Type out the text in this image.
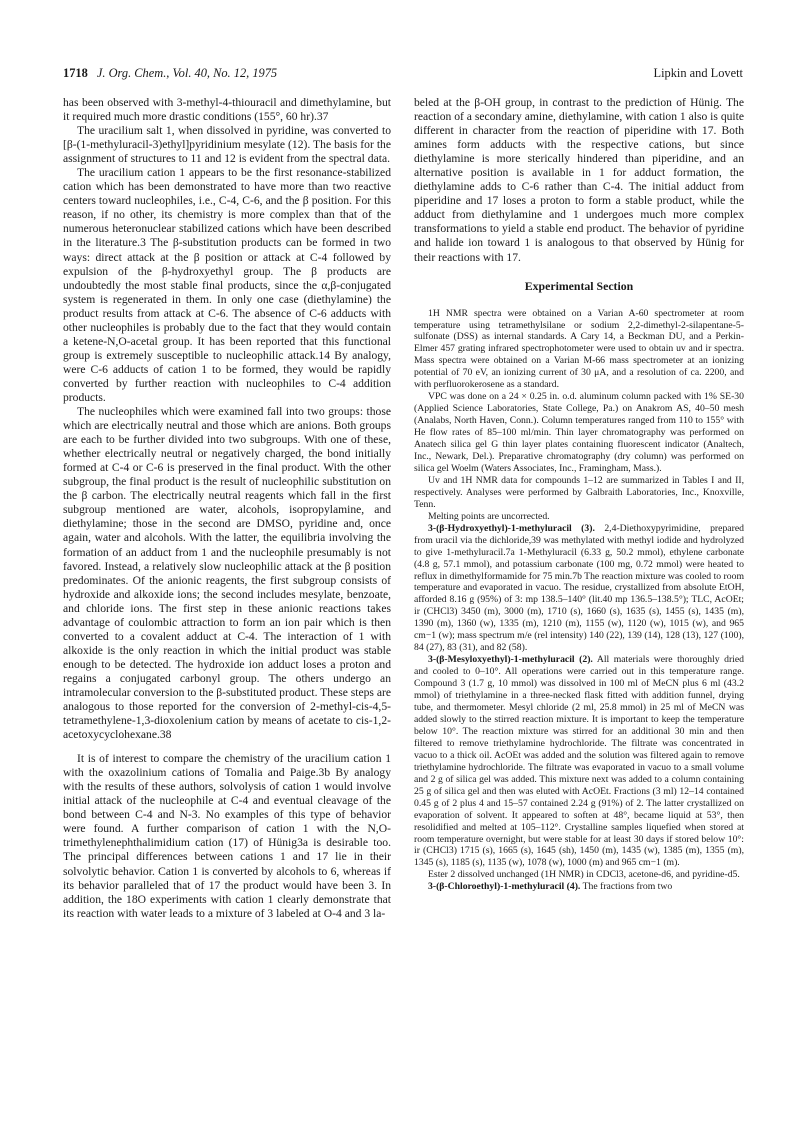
1718 J. Org. Chem., Vol. 40, No. 12, 1975	Lipkin and Lovett

has been observed with 3-methyl-4-thiouracil and dimethylamine, but it required much more drastic conditions (155°, 60 hr).37

The uracilium salt 1, when dissolved in pyridine, was converted to [β-(1-methyluracil-3)ethyl]pyridinium mesylate (12). The basis for the assignment of structures to 11 and 12 is evident from the spectral data.

The uracilium cation 1 appears to be the first resonance-stabilized cation which has been demonstrated to have more than two reactive centers toward nucleophiles, i.e., C-4, C-6, and the β position. For this reason, if no other, its chemistry is more complex than that of the numerous heteronuclear stabilized cations which have been described in the literature.3 The β-substitution products can be formed in two ways: direct attack at the β position or attack at C-4 followed by expulsion of the β-hydroxyethyl group. The β products are undoubtedly the most stable final products, since the α,β-conjugated system is regenerated in them. In only one case (diethylamine) the product results from attack at C-6. The absence of C-6 adducts with other nucleophiles is probably due to the fact that they would contain a ketene-N,O-acetal group. It has been reported that this functional group is extremely susceptible to nucleophilic attack.14 By analogy, were C-6 adducts of cation 1 to be formed, they would be rapidly converted by further reaction with nucleophiles to C-4 addition products.

The nucleophiles which were examined fall into two groups: those which are electrically neutral and those which are anions. Both groups are each to be further divided into two subgroups. With one of these, whether electrically neutral or negatively charged, the bond initially formed at C-4 or C-6 is preserved in the final product. With the other subgroup, the final product is the result of nucleophilic substitution on the β carbon. The electrically neutral reagents which fall in the first subgroup mentioned are water, alcohols, isopropylamine, and diethylamine; those in the second are DMSO, pyridine and, once again, water and alcohols. With the latter, the equilibria involving the formation of an adduct from 1 and the nucleophile presumably is not favored. Instead, a relatively slow nucleophilic attack at the β position predominates. Of the anionic reagents, the first subgroup consists of hydroxide and alkoxide ions; the second includes mesylate, benzoate, and chloride ions. The first step in these anionic reactions takes advantage of coulombic attraction to form an ion pair which is then converted to a covalent adduct at C-4. The interaction of 1 with alkoxide is the only reaction in which the initial product was stable enough to be detected. The hydroxide ion adduct loses a proton and regains a conjugated carbonyl group. The others undergo an intramolecular conversion to the β-substituted product. These steps are analogous to those reported for the conversion of 2-methyl-cis-4,5-tetramethylene-1,3-dioxolenium cation by means of acetate to cis-1,2-acetoxycyclohexane.38

It is of interest to compare the chemistry of the uracilium cation 1 with the oxazolinium cations of Tomalia and Paige.3b By analogy with the results of these authors, solvolysis of cation 1 would involve initial attack of the nucleophile at C-4 and eventual cleavage of the bond between C-4 and N-3. No examples of this type of behavior were found. A further comparison of cation 1 with the N,O-trimethylenephthalimidium cation (17) of Hünig3a is desirable too. The principal differences between cations 1 and 17 lie in their solvolytic behavior. Cation 1 is converted by alcohols to 6, whereas if its behavior paralleled that of 17 the product would have been 3. In addition, the 18O experiments with cation 1 clearly demonstrate that its reaction with water leads to a mixture of 3 labeled at O-4 and 3 la-

beled at the β-OH group, in contrast to the prediction of Hünig. The reaction of a secondary amine, diethylamine, with cation 1 also is quite different in character from the reaction of piperidine with 17. Both amines form adducts with the respective cations, but since diethylamine is more sterically hindered than piperidine, and an alternative position is available in 1 for adduct formation, the diethylamine adds to C-6 rather than C-4. The initial adduct from piperidine and 17 loses a proton to form a stable product, while the adduct from diethylamine and 1 undergoes much more complex transformations to yield a stable end product. The behavior of pyridine and halide ion toward 1 is analogous to that observed by Hünig for their reactions with 17.

Experimental Section

1H NMR spectra were obtained on a Varian A-60 spectrometer at room temperature using tetramethylsilane or sodium 2,2-dimethyl-2-silapentane-5-sulfonate (DSS) as internal standards. A Cary 14, a Beckman DU, and a Perkin-Elmer 457 grating infrared spectrophotometer were used to obtain uv and ir spectra. Mass spectra were obtained on a Varian M-66 mass spectrometer at an ionizing potential of 70 eV, an ionizing current of 30 μA, and a resolution of ca. 2200, and with perfluorokerosene as a standard.

VPC was done on a 24 × 0.25 in. o.d. aluminum column packed with 1% SE-30 (Applied Science Laboratories, State College, Pa.) on Anakrom AS, 40–50 mesh (Analabs, North Haven, Conn.). Column temperatures ranged from 110 to 155° with He flow rates of 85–100 ml/min. Thin layer chromatography was performed on Anatech silica gel G thin layer plates containing fluorescent indicator (Analtech, Inc., Newark, Del.). Preparative chromatography (dry column) was performed on silica gel Woelm (Waters Associates, Inc., Framingham, Mass.).

Uv and 1H NMR data for compounds 1–12 are summarized in Tables I and II, respectively. Analyses were performed by Galbraith Laboratories, Inc., Knoxville, Tenn.

Melting points are uncorrected.

3-(β-Hydroxyethyl)-1-methyluracil (3). 2,4-Diethoxypyrimidine, prepared from uracil via the dichloride,39 was methylated with methyl iodide and hydrolyzed to give 1-methyluracil.7a 1-Methyluracil (6.33 g, 50.2 mmol), ethylene carbonate (4.8 g, 57.1 mmol), and potassium carbonate (100 mg, 0.72 mmol) were heated to reflux in dimethylformamide for 75 min.7b The reaction mixture was cooled to room temperature and evaporated in vacuo. The residue, crystallized from absolute EtOH, afforded 8.16 g (95%) of 3: mp 138.5–140° (lit.40 mp 136.5–138.5°); TLC, AcOEt; ir (CHCl3) 3450 (m), 3000 (m), 1710 (s), 1660 (s), 1635 (s), 1455 (s), 1435 (m), 1390 (m), 1360 (w), 1335 (m), 1210 (m), 1155 (w), 1120 (w), 1015 (w), and 965 cm−1 (w); mass spectrum m/e (rel intensity) 140 (22), 139 (14), 128 (13), 127 (100), 84 (27), 83 (31), and 82 (58).

3-(β-Mesyloxyethyl)-1-methyluracil (2). All materials were thoroughly dried and cooled to 0–10°. All operations were carried out in this temperature range. Compound 3 (1.7 g, 10 mmol) was dissolved in 100 ml of MeCN plus 6 ml (43.2 mmol) of triethylamine in a three-necked flask fitted with addition funnel, drying tube, and thermometer. Mesyl chloride (2 ml, 25.8 mmol) in 25 ml of MeCN was added slowly to the stirred reaction mixture. It is important to keep the temperature below 10°. The reaction mixture was stirred for an additional 30 min and then filtered to remove triethylamine hydrochloride. The filtrate was concentrated in vacuo to a thick oil. AcOEt was added and the solution was filtered again to remove triethylamine hydrochloride. The filtrate was evaporated in vacuo to a small volume and 2 g of silica gel was added. This mixture next was added to a column containing 25 g of silica gel and then was eluted with AcOEt. Fractions (3 ml) 12–14 contained 0.45 g of 2 plus 4 and 15–57 contained 2.24 g (91%) of 2. The latter crystallized on evaporation of solvent. It appeared to soften at 48°, became liquid at 53°, then resolidified and melted at 105–112°. Crystalline samples liquefied when stored at room temperature overnight, but were stable for at least 30 days if stored below 10°: ir (CHCl3) 1715 (s), 1665 (s), 1645 (sh), 1450 (m), 1435 (w), 1385 (m), 1355 (m), 1345 (s), 1185 (s), 1135 (w), 1078 (w), 1000 (m) and 965 cm−1 (m).

Ester 2 dissolved unchanged (1H NMR) in CDCl3, acetone-d6, and pyridine-d5.

3-(β-Chloroethyl)-1-methyluracil (4). The fractions from two
